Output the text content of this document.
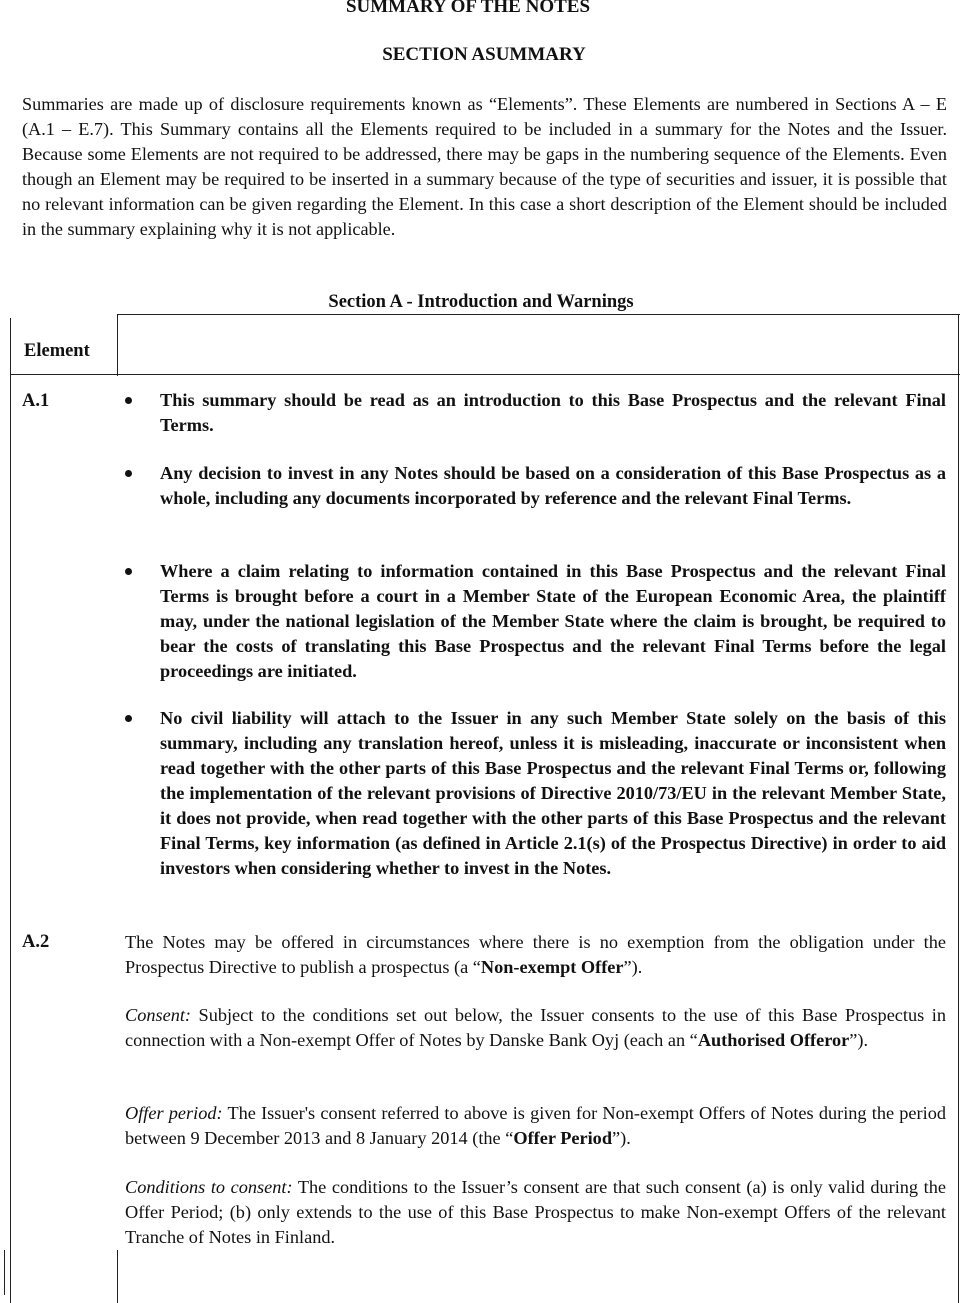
SUMMARY OF THE NOTES
SECTION ASUMMARY

Summaries are made up of disclosure requirements known as “Elements”. These Elements are numbered in Sections A – E (A.1 – E.7). This Summary contains all the Elements required to be included in a summary for the Notes and the Issuer. Because some Elements are not required to be addressed, there may be gaps in the numbering sequence of the Elements. Even though an Element may be required to be inserted in a summary because of the type of securities and issuer, it is possible that no relevant information can be given regarding the Element. In this case a short description of the Element should be included in the summary explaining why it is not applicable.

Section A - Introduction and Warnings
Element
A.1	This summary should be read as an introduction to this Base Prospectus and the relevant Final Terms.

Any decision to invest in any Notes should be based on a consideration of this Base Prospectus as a whole, including any documents incorporated by reference and the relevant Final Terms.

Where a claim relating to information contained in this Base Prospectus and the relevant Final Terms is brought before a court in a Member State of the European Economic Area, the plaintiff may, under the national legislation of the Member State where the claim is brought, be required to bear the costs of translating this Base Prospectus and the relevant Final Terms before the legal proceedings are initiated.

No civil liability will attach to the Issuer in any such Member State solely on the basis of this summary, including any translation hereof, unless it is misleading, inaccurate or inconsistent when read together with the other parts of this Base Prospectus and the relevant Final Terms or, following the implementation of the relevant provisions of Directive 2010/73/EU in the relevant Member State, it does not provide, when read together with the other parts of this Base Prospectus and the relevant Final Terms, key information (as defined in Article 2.1(s) of the Prospectus Directive) in order to aid investors when considering whether to invest in the Notes.

A.2	The Notes may be offered in circumstances where there is no exemption from the obligation under the Prospectus Directive to publish a prospectus (a “Non-exempt Offer”).

Consent: Subject to the conditions set out below, the Issuer consents to the use of this Base Prospectus in connection with a Non-exempt Offer of Notes by Danske Bank Oyj (each an “Authorised Offeror”).

Offer period: The Issuer's consent referred to above is given for Non-exempt Offers of Notes during the period between 9 December 2013 and 8 January 2014 (the “Offer Period”).

Conditions to consent: The conditions to the Issuer’s consent are that such consent (a) is only valid during the Offer Period; (b) only extends to the use of this Base Prospectus to make Non-exempt Offers of the relevant Tranche of Notes in Finland.
